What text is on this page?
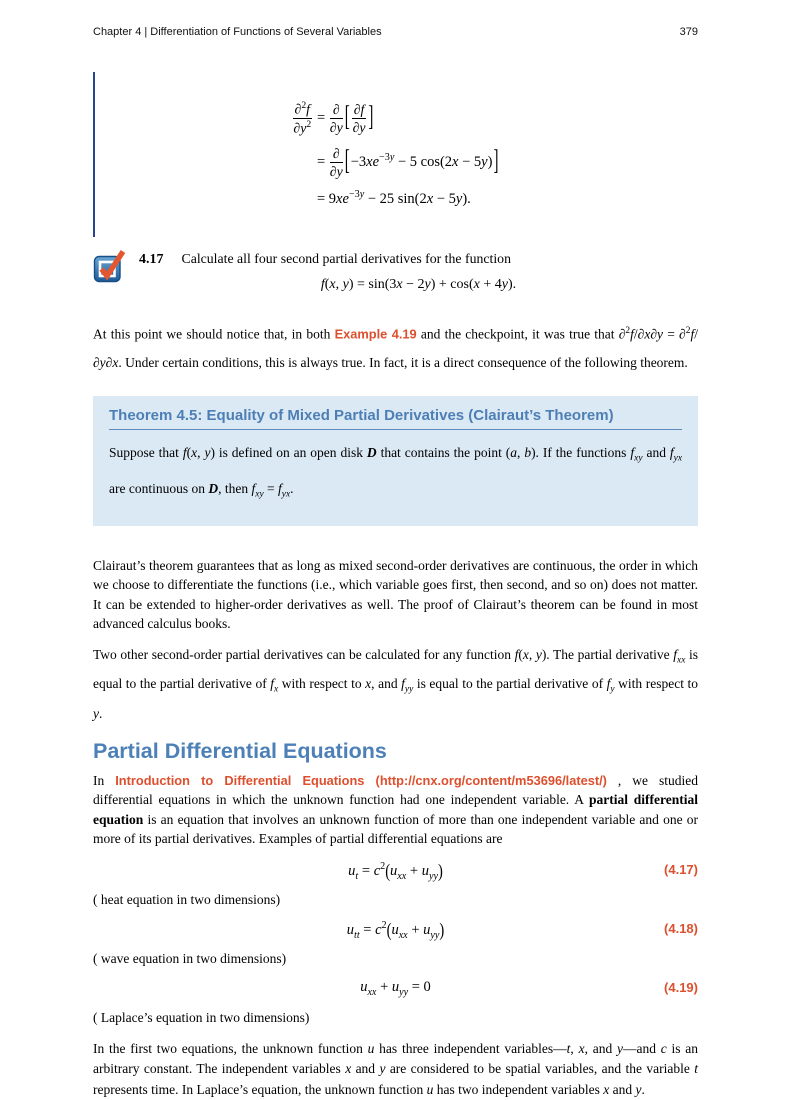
Chapter 4 | Differentiation of Functions of Several Variables	379
$\frac{\partial^2f}{\partial y^2}$	=
∂
∂y [ $\frac{\partial f}{\partial y}$ ]
	=
∂
∂y [$-3xe^{-3y} - 5$ cos(2x − 5y)]
	= $9xe^{-3y} - 25$ sin(2x − 5y).
4.17 Calculate all four second partial derivatives for the function
f(x, y) = sin(3x − 2y) + cos(x + 4y).

At this point we should notice that, in both Example 4.19 and the checkpoint, it was true that ∂$^2$f/∂x∂y = ∂$^2$f/∂y∂x. Under certain conditions, this is always true. In fact, it is a direct consequence of the following theorem.

Theorem 4.5: Equality of Mixed Partial Derivatives (Clairaut’s Theorem)
Suppose that f(x, y) is defined on an open disk D that contains the point (a, b). If the functions $f_{xy}$ and $f_{yx}$ are continuous on D, then $f_{xy} = f_{yx}$.

Clairaut’s theorem guarantees that as long as mixed second-order derivatives are continuous, the order in which we choose to differentiate the functions (i.e., which variable goes first, then second, and so on) does not matter. It can be extended to higher-order derivatives as well. The proof of Clairaut’s theorem can be found in most advanced calculus books.

Two other second-order partial derivatives can be calculated for any function f(x, y). The partial derivative $f_{xx}$ is equal to the partial derivative of $f_x$ with respect to x, and $f_{yy}$ is equal to the partial derivative of $f_y$ with respect to y.

Partial Differential Equations

In Introduction to Differential Equations (http://cnx.org/content/m53696/latest/) , we studied differential equations in which the unknown function had one independent variable. A partial differential equation is an equation that involves an unknown function of more than one independent variable and one or more of its partial derivatives. Examples of partial differential equations are

$u_t = c^2(u_{xx} + u_{yy})$	(4.17)

( heat equation in two dimensions)

$u_{tt} = c^2(u_{xx} + u_{yy})$	(4.18)

( wave equation in two dimensions)

$u_{xx} + u_{yy} = 0$	(4.19)

( Laplace’s equation in two dimensions)

In the first two equations, the unknown function u has three independent variables—t, x, and y—and c is an arbitrary constant. The independent variables x and y are considered to be spatial variables, and the variable t represents time. In Laplace’s equation, the unknown function u has two independent variables x and y.
